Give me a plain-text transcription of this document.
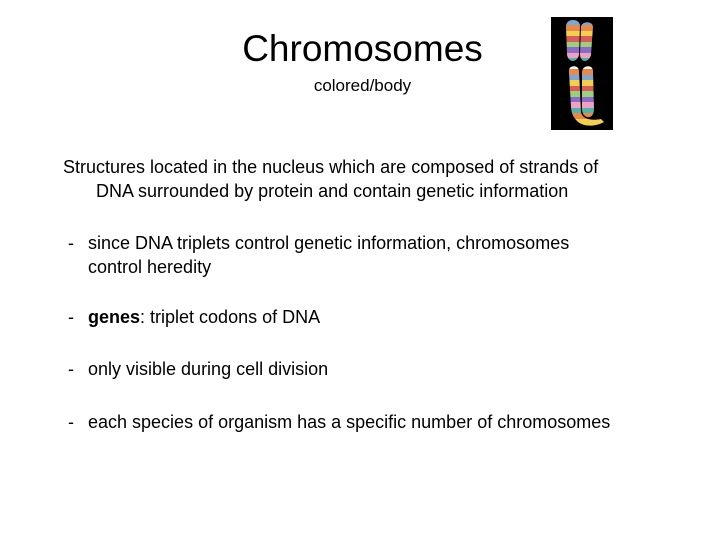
Chromosomes
colored/body
Structures located in the nucleus which are composed of strands of
DNA surrounded by protein and contain genetic information
- since DNA triplets control genetic information, chromosomes
control heredity
- genes: triplet codons of DNA
- only visible during cell division
- each species of organism has a specific number of chromosomes
